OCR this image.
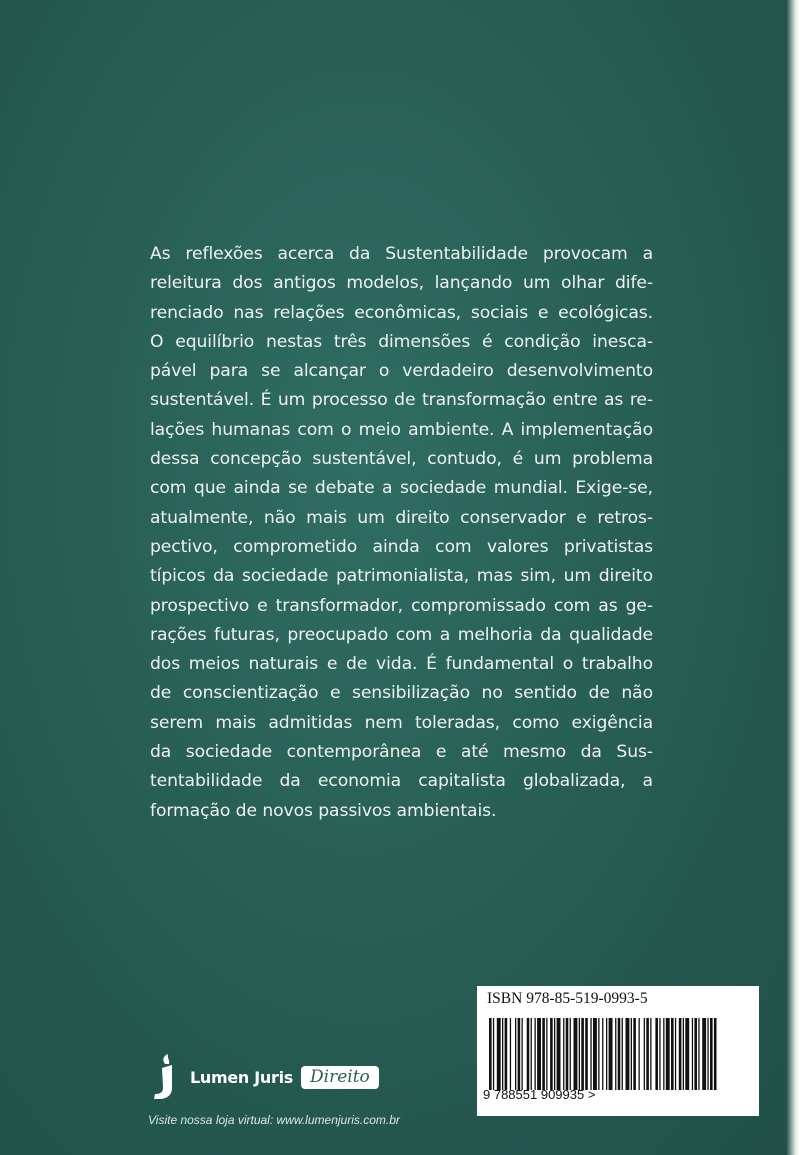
As reflexões acerca da Sustentabilidade provocam a
releitura dos antigos modelos, lançando um olhar dife-
renciado nas relações econômicas, sociais e ecológicas.
O equilíbrio nestas três dimensões é condição inesca-
pável para se alcançar o verdadeiro desenvolvimento
sustentável. É um processo de transformação entre as re-
lações humanas com o meio ambiente. A implementação
dessa concepção sustentável, contudo, é um problema
com que ainda se debate a sociedade mundial. Exige-se,
atualmente, não mais um direito conservador e retros-
pectivo, comprometido ainda com valores privatistas
típicos da sociedade patrimonialista, mas sim, um direito
prospectivo e transformador, compromissado com as ge-
rações futuras, preocupado com a melhoria da qualidade
dos meios naturais e de vida. É fundamental o trabalho
de conscientização e sensibilização no sentido de não
serem mais admitidas nem toleradas, como exigência
da sociedade contemporânea e até mesmo da Sus-
tentabilidade da economia capitalista globalizada, a
formação de novos passivos ambientais.
Lumen Juris	Direito
Visite nossa loja virtual: www.lumenjuris.com.br
ISBN 978-85-519-0993-5
9 788551 909935 >
